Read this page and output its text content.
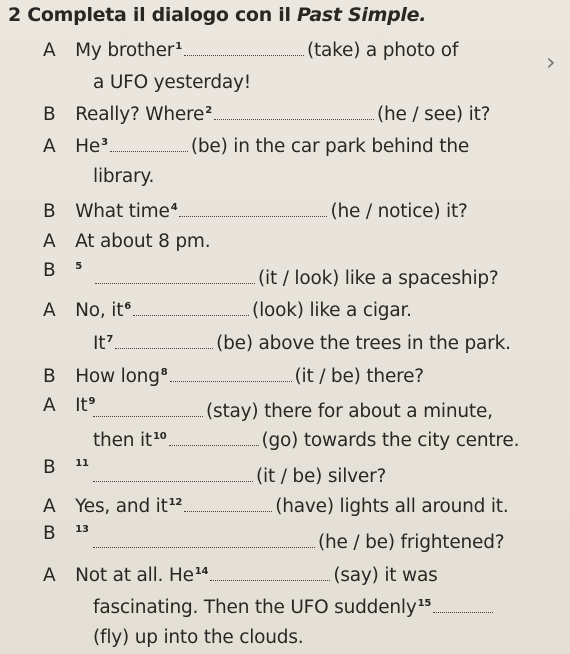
2 Completa il dialogo con il Past Simple.
›
A My brother$^1$	(take) a photo of
a UFO yesterday!
B Really? Where$^2$	(he / see) it?
A He$^3$	(be) in the car park behind the
library.
B What time$^4$	(he / notice) it?
A At about 8 pm.
B $^5$
(it / look) like a spaceship?
A No, $it^6$	(look) like a cigar.
It$^7$	(be) above the trees in the park.
B How long$^8$	(it / be) there?
A It$^9$	(stay) there for about a minute,
then $it^{10}$	(go) towards the city centre.
B $^{11}$
(it / be) silver?
A Yes, and $it^{12}$	(have) lights all around it.
B $^{13}$
(he / be) frightened?
A Not at all. He$^{14}$	(say) it was
fascinating. Then the UFO suddenly$^{15}$
(fly) up into the clouds.
